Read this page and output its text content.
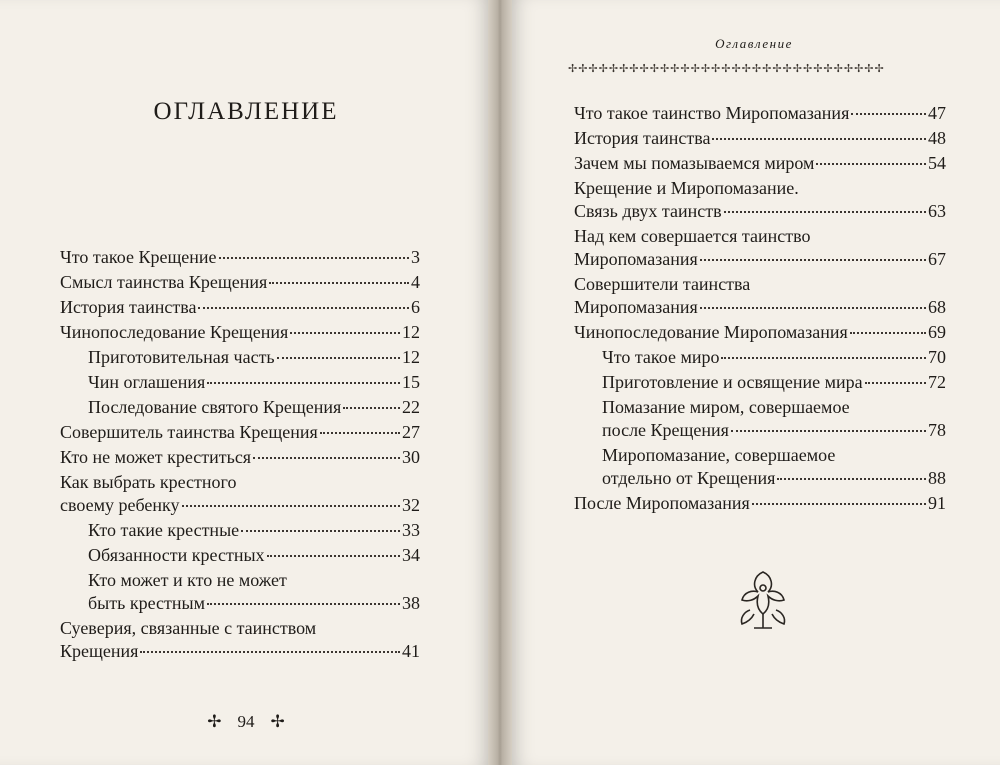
ОГЛАВЛЕНИЕ
Оглавление
✢✢✢✢✢✢✢✢✢✢✢✢✢✢✢✢✢✢✢✢✢✢✢✢✢✢✢✢✢✢✢
Что такое Крещение	3
Смысл таинства Крещения	4
История таинства	6
Чинопоследование Крещения	12
Приготовительная часть	12
Чин оглашения	15
Последование святого Крещения	22
Совершитель таинства Крещения	27
Кто не может креститься	30
Как выбрать крестного
своему ребенку	32
Кто такие крестные	33
Обязанности крестных	34
Кто может и кто не может
быть крестным	38
Суеверия, связанные с таинством
Крещения	41
Что такое таинство Миропомазания	47
История таинства	48
Зачем мы помазываемся миром	54
Крещение и Миропомазание.
Связь двух таинств	63
Над кем совершается таинство
Миропомазания	67
Совершители таинства
Миропомазания	68
Чинопоследование Миропомазания	69
Что такое миро	70
Приготовление и освящение мира	72
Помазание миром, совершаемое
после Крещения	78
Миропомазание, совершаемое
отдельно от Крещения	88
После Миропомазания	91
✢ 94 ✢
